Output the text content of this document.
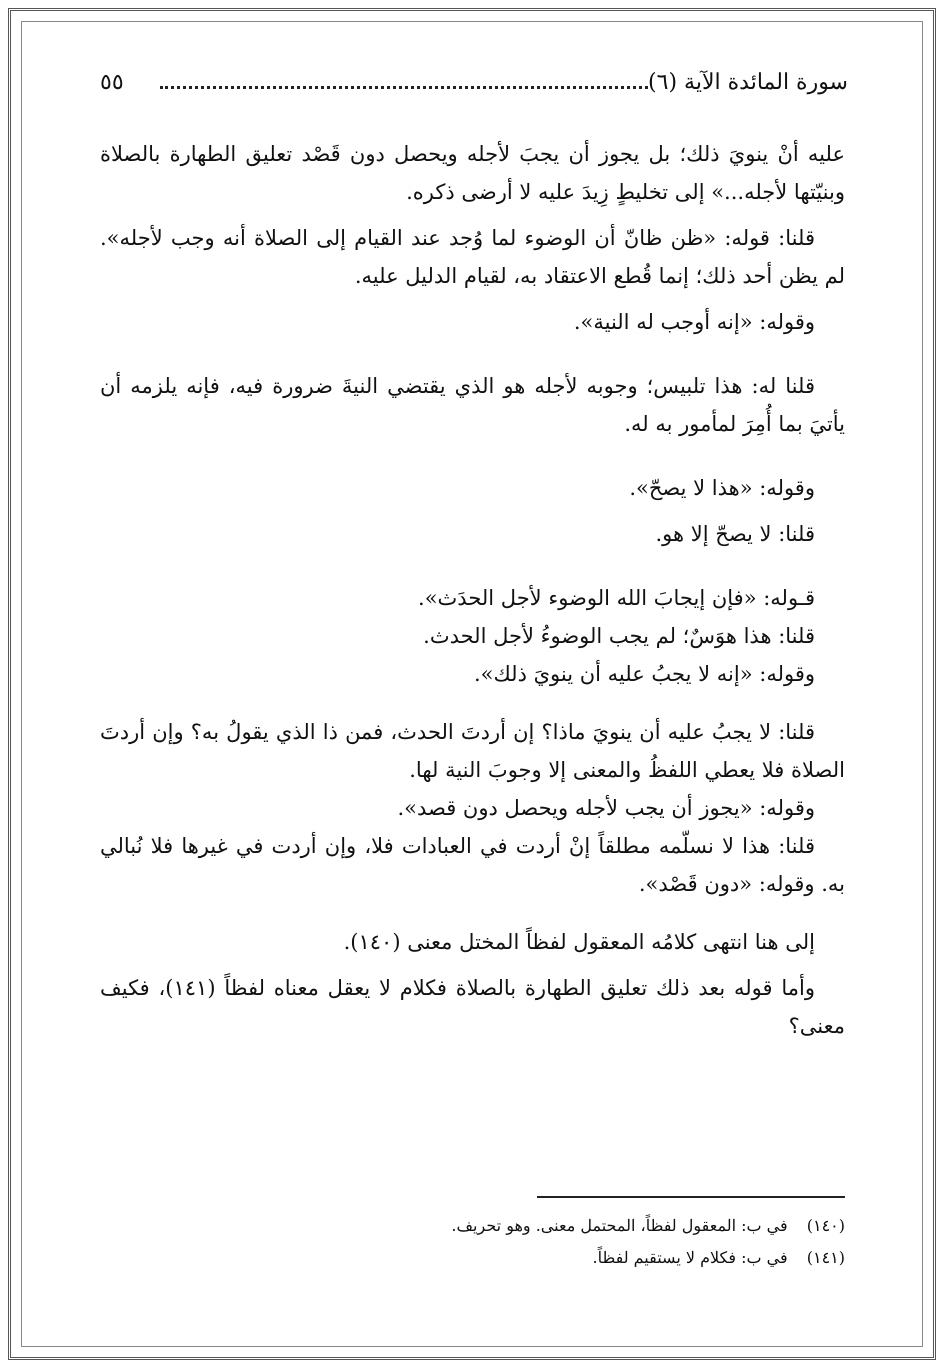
سورة المائدة الآية (٦)
٥٥

عليه أنْ ينويَ ذلك؛ بل يجوز أن يجبَ لأجله ويحصل دون قَصْد تعليق الطهارة بالصلاة وبنيّتها لأجله...» إلى تخليطٍ زِيدَ عليه لا أرضى ذكره.

قلنا: قوله: «ظن ظانّ أن الوضوء لما وُجد عند القيام إلى الصلاة أنه وجب لأجله». لم يظن أحد ذلك؛ إنما قُطع الاعتقاد به، لقيام الدليل عليه.

وقوله: «إنه أوجب له النية».

قلنا له: هذا تلبيس؛ وجوبه لأجله هو الذي يقتضي النيةَ ضرورة فيه، فإنه يلزمه أن يأتيَ بما أُمِرَ لمأمور به له.

وقوله: «هذا لا يصحّ».

قلنا: لا يصحّ إلا هو.

قـوله: «فإن إيجابَ الله الوضوء لأجل الحدَث».

قلنا: هذا هوَسٌ؛ لم يجب الوضوءُ لأجل الحدث.

وقوله: «إنه لا يجبُ عليه أن ينويَ ذلك».

قلنا: لا يجبُ عليه أن ينويَ ماذا؟ إن أردتَ الحدث، فمن ذا الذي يقولُ به؟ وإن أردتَ الصلاة فلا يعطي اللفظُ والمعنى إلا وجوبَ النية لها.

وقوله: «يجوز أن يجب لأجله ويحصل دون قصد».

قلنا: هذا لا نسلّمه مطلقاً إنْ أردت في العبادات فلا، وإن أردت في غيرها فلا نُبالي به. وقوله: «دون قَصْد».

إلى هنا انتهى كلامُه المعقول لفظاً المختل معنى (١٤٠).

وأما قوله بعد ذلك تعليق الطهارة بالصلاة فكلام لا يعقل معناه لفظاً (١٤١)، فكيف معنى؟

(١٤٠) في ب: المعقول لفظاً، المحتمل معنى. وهو تحريف.
(١٤١) في ب: فكلام لا يستقيم لفظاً.
